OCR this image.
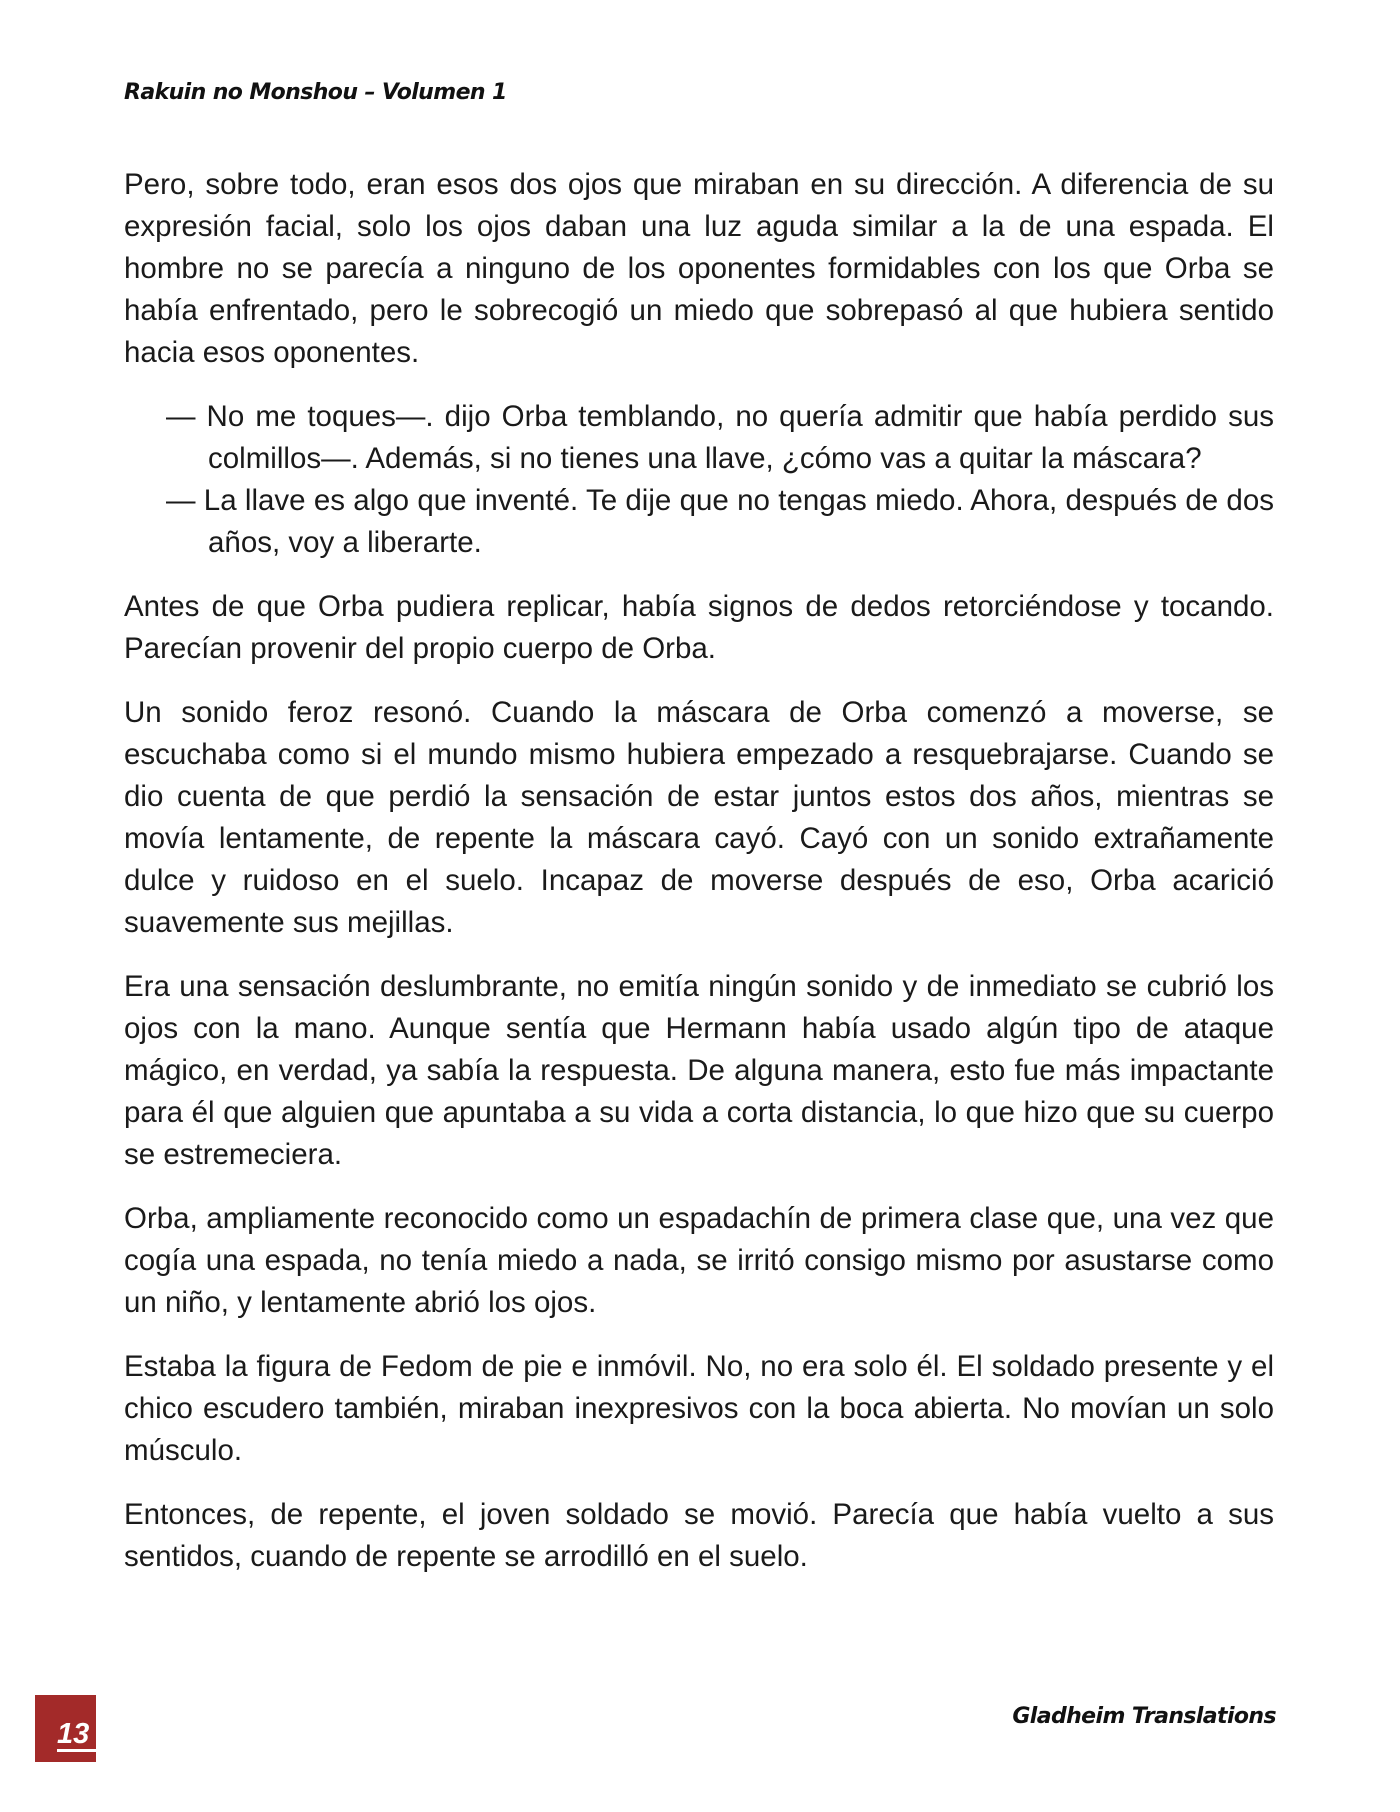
Rakuin no Monshou – Volumen 1

Pero, sobre todo, eran esos dos ojos que miraban en su dirección. A diferencia de su expresión facial, solo los ojos daban una luz aguda similar a la de una espada. El hombre no se parecía a ninguno de los oponentes formidables con los que Orba se había enfrentado, pero le sobrecogió un miedo que sobrepasó al que hubiera sentido hacia esos oponentes.

— No me toques—. dijo Orba temblando, no quería admitir que había perdido sus colmillos—. Además, si no tienes una llave, ¿cómo vas a quitar la máscara?
— La llave es algo que inventé. Te dije que no tengas miedo. Ahora, después de dos años, voy a liberarte.

Antes de que Orba pudiera replicar, había signos de dedos retorciéndose y tocando. Parecían provenir del propio cuerpo de Orba.

Un sonido feroz resonó. Cuando la máscara de Orba comenzó a moverse, se escuchaba como si el mundo mismo hubiera empezado a resquebrajarse. Cuando se dio cuenta de que perdió la sensación de estar juntos estos dos años, mientras se movía lentamente, de repente la máscara cayó. Cayó con un sonido extrañamente dulce y ruidoso en el suelo. Incapaz de moverse después de eso, Orba acarició suavemente sus mejillas.

Era una sensación deslumbrante, no emitía ningún sonido y de inmediato se cubrió los ojos con la mano. Aunque sentía que Hermann había usado algún tipo de ataque mágico, en verdad, ya sabía la respuesta. De alguna manera, esto fue más impactante para él que alguien que apuntaba a su vida a corta distancia, lo que hizo que su cuerpo se estremeciera.

Orba, ampliamente reconocido como un espadachín de primera clase que, una vez que cogía una espada, no tenía miedo a nada, se irritó consigo mismo por asustarse como un niño, y lentamente abrió los ojos.

Estaba la figura de Fedom de pie e inmóvil. No, no era solo él. El soldado presente y el chico escudero también, miraban inexpresivos con la boca abierta. No movían un solo músculo.

Entonces, de repente, el joven soldado se movió. Parecía que había vuelto a sus sentidos, cuando de repente se arrodilló en el suelo.

13
Gladheim Translations
